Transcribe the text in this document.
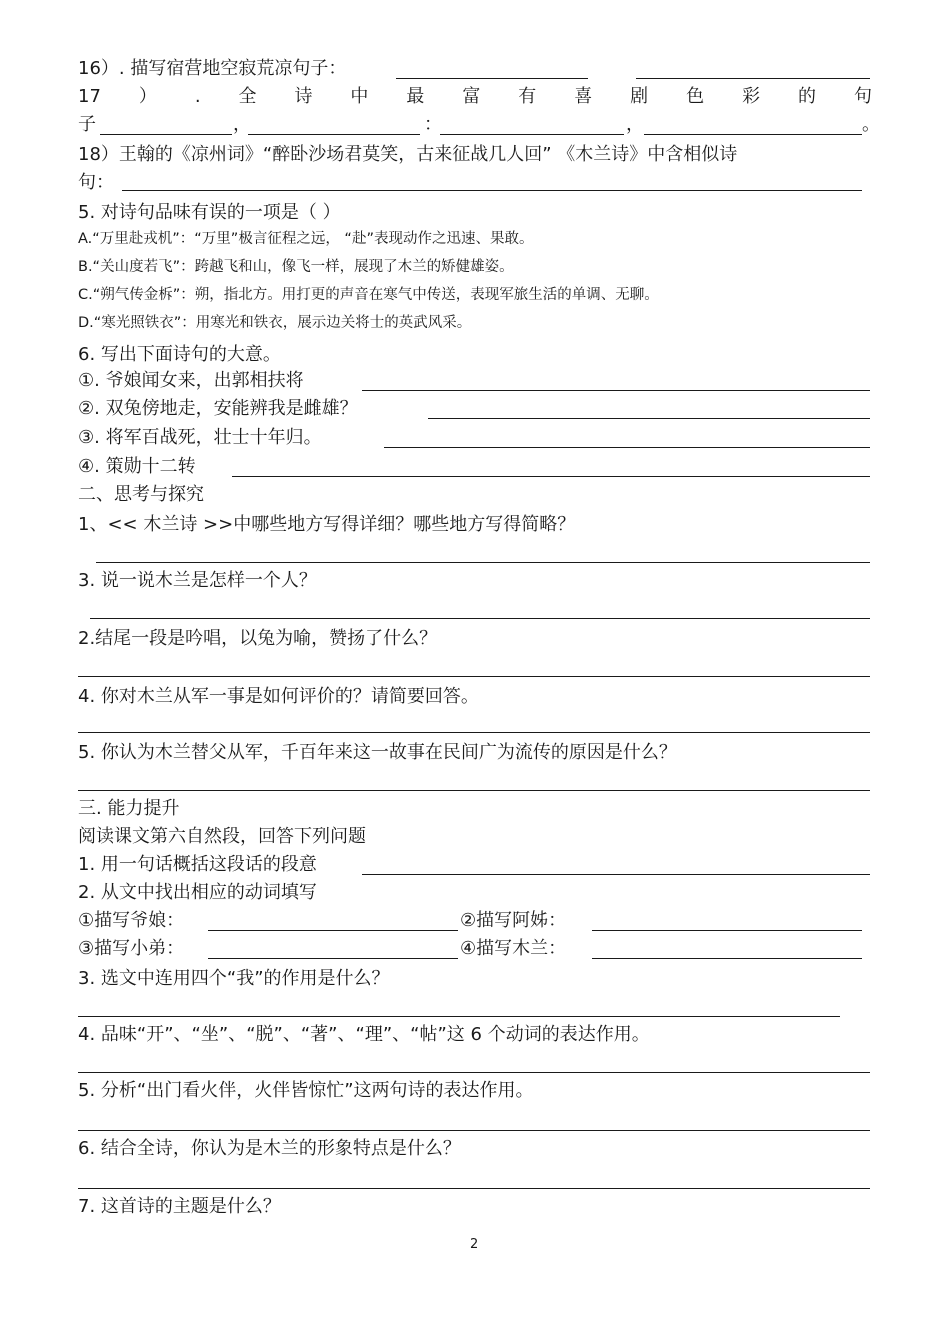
16）. 描写宿营地空寂荒凉句子：
17 ） . 全 诗 中 最 富 有 喜 剧 色 彩 的 句
子	，	：	，	。
18）王翰的《凉州词》“醉卧沙场君莫笑，古来征战几人回” 《木兰诗》中含相似诗
句：
5. 对诗句品味有误的一项是（ ）
A.“万里赴戎机”：“万里”极言征程之远， “赴”表现动作之迅速、果敢。
B.“关山度若飞”：跨越飞和山，像飞一样，展现了木兰的矫健雄姿。
C.“朔气传金柝”：朔，指北方。用打更的声音在寒气中传送，表现军旅生活的单调、无聊。
D.“寒光照铁衣”：用寒光和铁衣，展示边关将士的英武风采。
6. 写出下面诗句的大意。
①. 爷娘闻女来，出郭相扶将
②. 双兔傍地走，安能辨我是雌雄？
③. 将军百战死，壮士十年归。
④. 策勋十二转
二、思考与探究
1、<< 木兰诗 >>中哪些地方写得详细？哪些地方写得简略？
3. 说一说木兰是怎样一个人？
2.结尾一段是吟唱，以兔为喻，赞扬了什么？
4. 你对木兰从军一事是如何评价的？请简要回答。
5. 你认为木兰替父从军，千百年来这一故事在民间广为流传的原因是什么？
三. 能力提升
阅读课文第六自然段，回答下列问题
1. 用一句话概括这段话的段意
2. 从文中找出相应的动词填写
①描写爷娘：	②描写阿姊：
③描写小弟：	④描写木兰：
3. 选文中连用四个“我”的作用是什么？
4. 品味“开”、“坐”、“脱”、“著”、“理”、“帖”这 6 个动词的表达作用。
5. 分析“出门看火伴，火伴皆惊忙”这两句诗的表达作用。
6. 结合全诗，你认为是木兰的形象特点是什么？
7. 这首诗的主题是什么？
2
